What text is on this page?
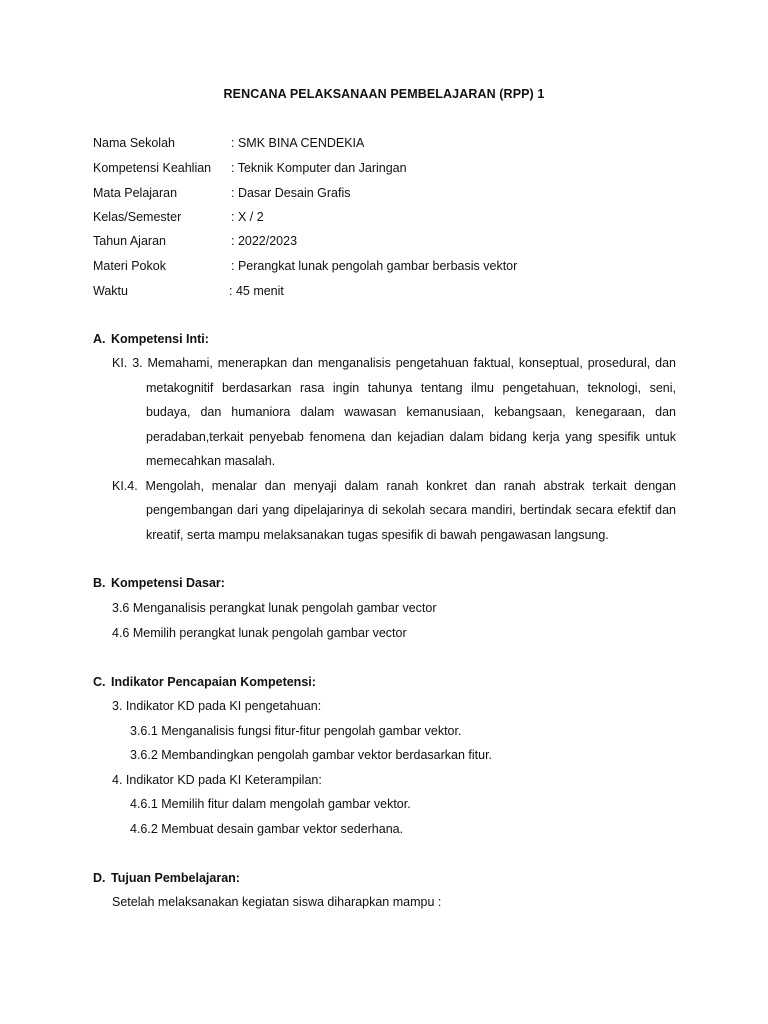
RENCANA PELAKSANAAN PEMBELAJARAN (RPP) 1
Nama Sekolah	: SMK BINA CENDEKIA
Kompetensi Keahlian : Teknik Komputer dan Jaringan
Mata Pelajaran	: Dasar Desain Grafis
Kelas/Semester	: X / 2
Tahun Ajaran	: 2022/2023
Materi Pokok	: Perangkat lunak pengolah gambar berbasis vektor
Waktu	: 45 menit
A. Kompetensi Inti:

KI. 3. Memahami, menerapkan dan menganalisis pengetahuan faktual, konseptual, prosedural, dan metakognitif berdasarkan rasa ingin tahunya tentang ilmu pengetahuan, teknologi, seni, budaya, dan humaniora dalam wawasan kemanusiaan, kebangsaan, kenegaraan, dan peradaban,terkait penyebab fenomena dan kejadian dalam bidang kerja yang spesifik untuk memecahkan masalah.

KI.4. Mengolah, menalar dan menyaji dalam ranah konkret dan ranah abstrak terkait dengan pengembangan dari yang dipelajarinya di sekolah secara mandiri, bertindak secara efektif dan kreatif, serta mampu melaksanakan tugas spesifik di bawah pengawasan langsung.

B. Kompetensi Dasar:
3.6 Menganalisis perangkat lunak pengolah gambar vector
4.6 Memilih perangkat lunak pengolah gambar vector
C. Indikator Pencapaian Kompetensi:
3. Indikator KD pada KI pengetahuan:
3.6.1 Menganalisis fungsi fitur-fitur pengolah gambar vektor.
3.6.2 Membandingkan pengolah gambar vektor berdasarkan fitur.
4. Indikator KD pada KI Keterampilan:
4.6.1 Memilih fitur dalam mengolah gambar vektor.
4.6.2 Membuat desain gambar vektor sederhana.
D. Tujuan Pembelajaran:
Setelah melaksanakan kegiatan siswa diharapkan mampu :
